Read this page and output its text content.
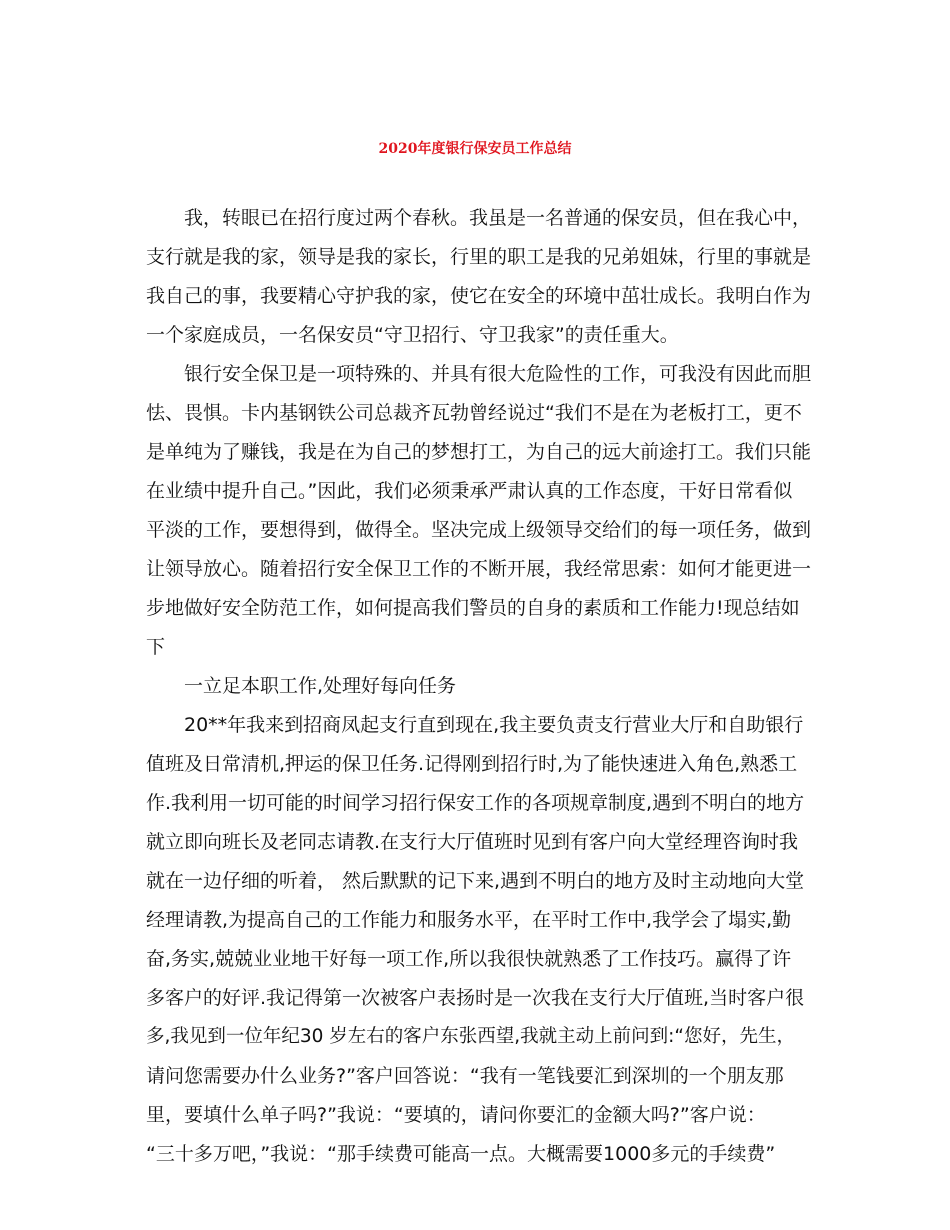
2020年度银行保安员工作总结
我，转眼已在招行度过两个春秋。我虽是一名普通的保安员，但在我心中，
支行就是我的家，领导是我的家长，行里的职工是我的兄弟姐妹，行里的事就是
我自己的事，我要精心守护我的家，使它在安全的环境中茁壮成长。我明白作为
一个家庭成员，一名保安员“守卫招行、守卫我家”的责任重大。
银行安全保卫是一项特殊的、并具有很大危险性的工作，可我没有因此而胆
怯、畏惧。卡内基钢铁公司总裁齐瓦勃曾经说过“我们不是在为老板打工，更不
是单纯为了赚钱，我是在为自己的梦想打工，为自己的远大前途打工。我们只能
在业绩中提升自己。”因此，我们必须秉承严肃认真的工作态度，干好日常看似
平淡的工作，要想得到，做得全。坚决完成上级领导交给们的每一项任务，做到
让领导放心。随着招行安全保卫工作的不断开展，我经常思索：如何才能更进一
步地做好安全防范工作，如何提高我们警员的自身的素质和工作能力!现总结如
下
一立足本职工作,处理好每向任务
20**年我来到招商凤起支行直到现在,我主要负责支行营业大厅和自助银行
值班及日常清机,押运的保卫任务.记得刚到招行时,为了能快速进入角色,熟悉工
作.我利用一切可能的时间学习招行保安工作的各项规章制度,遇到不明白的地方
就立即向班长及老同志请教.在支行大厅值班时见到有客户向大堂经理咨询时我
就在一边仔细的听着， 然后默默的记下来,遇到不明白的地方及时主动地向大堂
经理请教,为提高自己的工作能力和服务水平，在平时工作中,我学会了塌实,勤
奋,务实,兢兢业业地干好每一项工作,所以我很快就熟悉了工作技巧。赢得了许
多客户的好评.我记得第一次被客户表扬时是一次我在支行大厅值班,当时客户很
多,我见到一位年纪30 岁左右的客户东张西望,我就主动上前问到:“您好，先生，
请问您需要办什么业务?”客户回答说：“我有一笔钱要汇到深圳的一个朋友那
里，要填什么单子吗?”我说：“要填的，请问你要汇的金额大吗?”客户说：
“三十多万吧，”我说：“那手续费可能高一点。大概需要1000多元的手续费”
